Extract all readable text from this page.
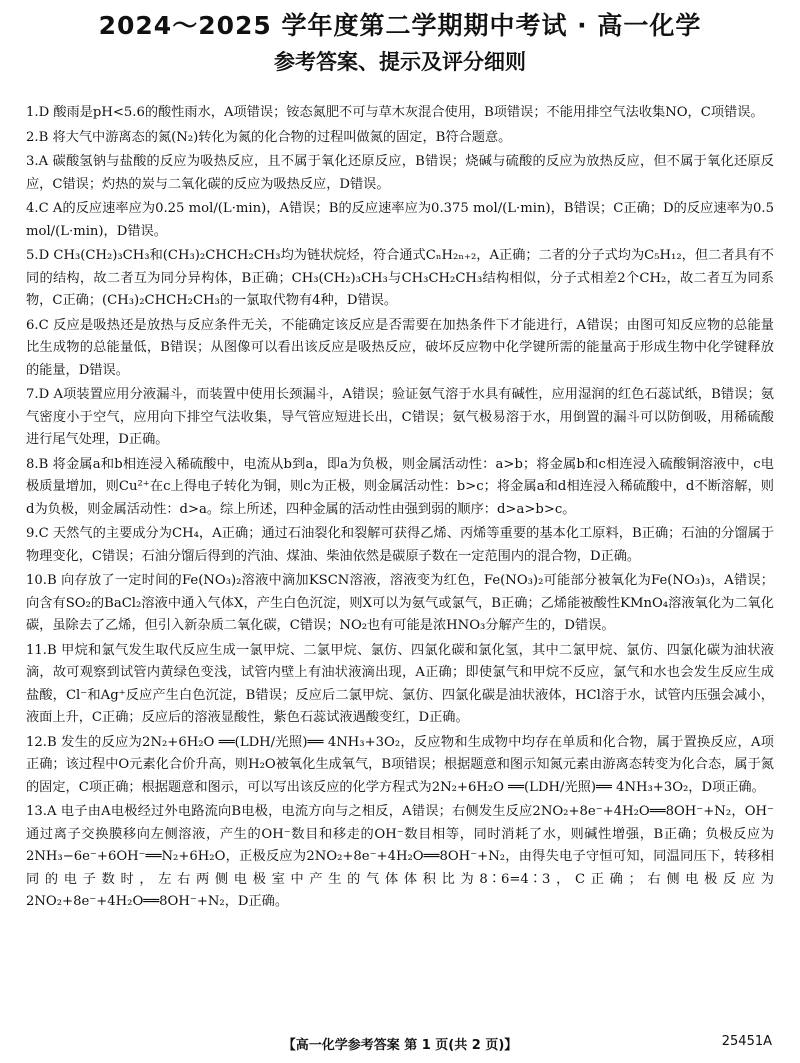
2024～2025 学年度第二学期期中考试 · 高一化学
参考答案、提示及评分细则

1.D 酸雨是pH<5.6的酸性雨水，A项错误；铵态氮肥不可与草木灰混合使用，B项错误；不能用排空气法收集NO，C项错误。

2.B 将大气中游离态的氮(N₂)转化为氮的化合物的过程叫做氮的固定，B符合题意。

3.A 碳酸氢钠与盐酸的反应为吸热反应，且不属于氧化还原反应，B错误；烧碱与硫酸的反应为放热反应，但不属于氧化还原反应，C错误；灼热的炭与二氧化碳的反应为吸热反应，D错误。

4.C A的反应速率应为0.25 mol/(L·min)，A错误；B的反应速率应为0.375 mol/(L·min)，B错误；C正确；D的反应速率为0.5 mol/(L·min)，D错误。

5.D CH₃(CH₂)₃CH₃和(CH₃)₂CHCH₂CH₃均为链状烷烃，符合通式CₙH₂ₙ₊₂，A正确；二者的分子式均为C₅H₁₂，但二者具有不同的结构，故二者互为同分异构体，B正确；CH₃(CH₂)₃CH₃与CH₃CH₂CH₃结构相似，分子式相差2个CH₂，故二者互为同系物，C正确；(CH₃)₂CHCH₂CH₃的一氯取代物有4种，D错误。

6.C 反应是吸热还是放热与反应条件无关，不能确定该反应是否需要在加热条件下才能进行，A错误；由图可知反应物的总能量比生成物的总能量低，B错误；从图像可以看出该反应是吸热反应，破坏反应物中化学键所需的能量高于形成生物中化学键释放的能量，D错误。

7.D A项装置应用分液漏斗，而装置中使用长颈漏斗，A错误；验证氨气溶于水具有碱性，应用湿润的红色石蕊试纸，B错误；氨气密度小于空气，应用向下排空气法收集，导气管应短进长出，C错误；氨气极易溶于水，用倒置的漏斗可以防倒吸，用稀硫酸进行尾气处理，D正确。

8.B 将金属a和b相连浸入稀硫酸中，电流从b到a，即a为负极，则金属活动性：a>b；将金属b和c相连浸入硫酸铜溶液中，c电极质量增加，则Cu²⁺在c上得电子转化为铜，则c为正极，则金属活动性：b>c；将金属a和d相连浸入稀硫酸中，d不断溶解，则d为负极，则金属活动性：d>a。综上所述，四种金属的活动性由强到弱的顺序：d>a>b>c。

9.C 天然气的主要成分为CH₄，A正确；通过石油裂化和裂解可获得乙烯、丙烯等重要的基本化工原料，B正确；石油的分馏属于物理变化，C错误；石油分馏后得到的汽油、煤油、柴油依然是碳原子数在一定范围内的混合物，D正确。

10.B 向存放了一定时间的Fe(NO₃)₂溶液中滴加KSCN溶液，溶液变为红色，Fe(NO₃)₂可能部分被氧化为Fe(NO₃)₃，A错误；向含有SO₂的BaCl₂溶液中通入气体X，产生白色沉淀，则X可以为氨气或氯气，B正确；乙烯能被酸性KMnO₄溶液氧化为二氧化碳，虽除去了乙烯，但引入新杂质二氧化碳，C错误；NO₂也有可能是浓HNO₃分解产生的，D错误。

11.B 甲烷和氯气发生取代反应生成一氯甲烷、二氯甲烷、氯仿、四氯化碳和氯化氢，其中二氯甲烷、氯仿、四氯化碳为油状液滴，故可观察到试管内黄绿色变浅，试管内壁上有油状液滴出现，A正确；即使氯气和甲烷不反应，氯气和水也会发生反应生成盐酸，Cl⁻和Ag⁺反应产生白色沉淀，B错误；反应后二氯甲烷、氯仿、四氯化碳是油状液体，HCl溶于水，试管内压强会减小，液面上升，C正确；反应后的溶液显酸性，紫色石蕊试液遇酸变红，D正确。

12.B 发生的反应为2N₂+6H₂O ══(LDH/光照)══ 4NH₃+3O₂，反应物和生成物中均存在单质和化合物，属于置换反应，A项正确；该过程中O元素化合价升高，则H₂O被氧化生成氧气，B项错误；根据题意和图示知氮元素由游离态转变为化合态，属于氮的固定，C项正确；根据题意和图示，可以写出该反应的化学方程式为2N₂+6H₂O ══(LDH/光照)══ 4NH₃+3O₂，D项正确。

13.A 电子由A电极经过外电路流向B电极，电流方向与之相反，A错误；右侧发生反应2NO₂+8e⁻+4H₂O══8OH⁻+N₂，OH⁻通过离子交换膜移向左侧溶液，产生的OH⁻数目和移走的OH⁻数目相等，同时消耗了水，则碱性增强，B正确；负极反应为2NH₃−6e⁻+6OH⁻══N₂+6H₂O，正极反应为2NO₂+8e⁻+4H₂O══8OH⁻+N₂，由得失电子守恒可知，同温同压下，转移相同的电子数时，左右两侧电极室中产生的气体体积比为8∶6=4∶3，C正确；右侧电极反应为2NO₂+8e⁻+4H₂O══8OH⁻+N₂，D正确。

【高一化学参考答案 第 1 页(共 2 页)】	25451A
